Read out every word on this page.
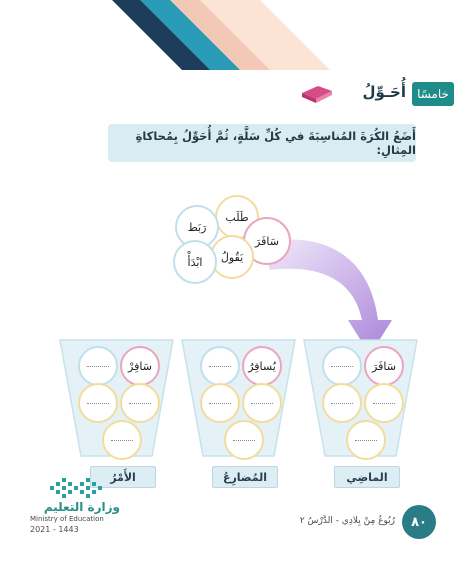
خامسًا
أُحَـوِّلُ
أَضَعُ الكُرَةَ المُناسِبَةَ في كُلِّ سَلَّةٍ، ثُمَّ أُحَوِّلُ بِمُحاكاةِ المِثالِ:
طَلَب
رَبَط
سَافَرَ
يَقُولُ
ابْدَأْ
سَافِرْ
الأَمْرُ
يُسافِرُ
المُضارِعُ
سَافَرَ
الماضِي
وزارة التعليم
Ministry of Education
2021 - 1443
رُبُوعُ مِنْ بِلادِي - الدَّرْسُ ٢	٨٠
